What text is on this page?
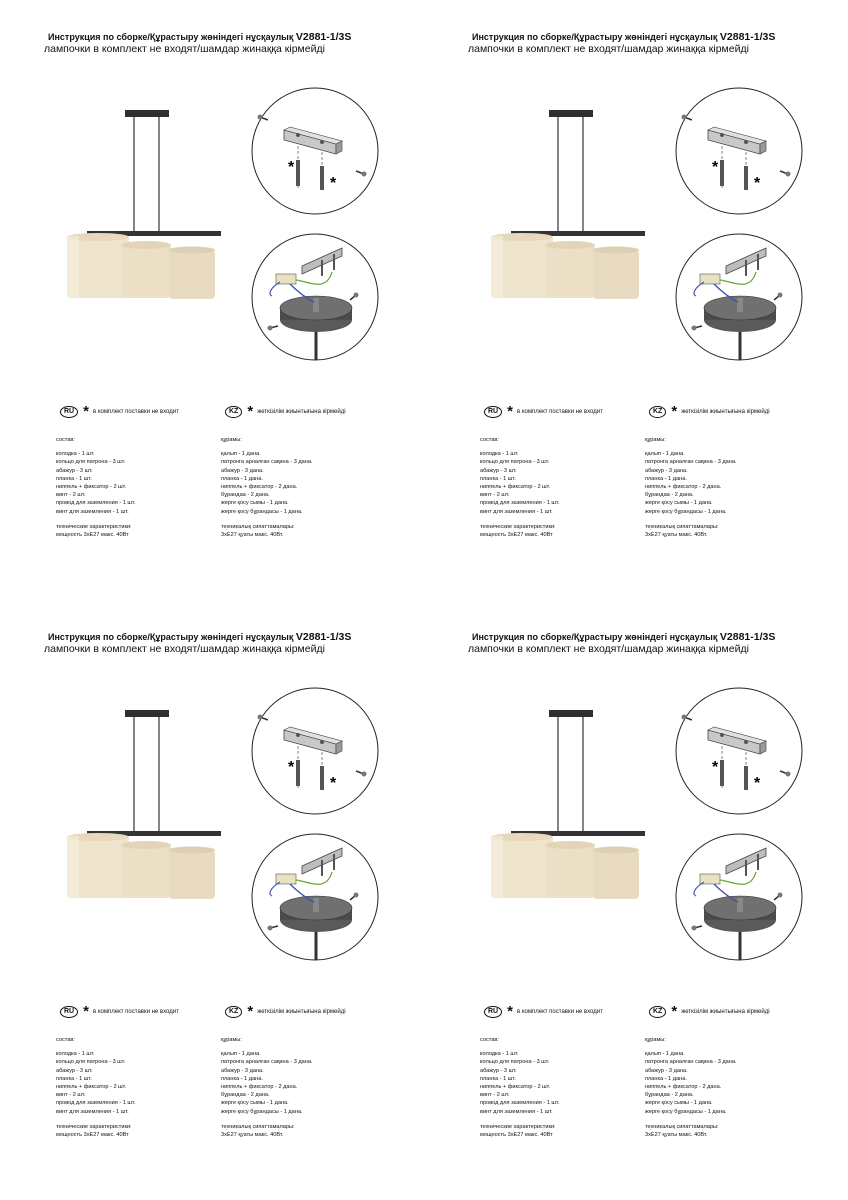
Инструкция по сборке/Құрастыру жөніндегі нұсқаулық V2881-1/3S
лампочки в комплект не входят/шамдар жинаққа кірмейді
*
*
RU * в комплект поставки не входит	KZ * жеткізілім жиынтығына кірмейді
состав:
колодка - 1 шт.
кольцо для патрона - 3 шт.
абажур - 3 шт.
планка - 1 шт.
ниппель + фиксатор - 2 шт.
винт - 2 шт.
провод для заземления - 1 шт.
винт для заземления - 1 шт.
технические характеристики:
мощность 3хЕ27 макс. 40Вт
құрамы:
қалып - 1 дана.
патронға арналған сақина - 3 дана.
абажур - 3 дана.
планка - 1 дана.
ниппель + фиксатор - 2 дана.
бұрандаа - 2 дана.
жерге қосу сымы - 1 дана.
жерге қосу бұрандасы - 1 дана.
техникалық сипаттамалары:
3хЕ27 қуаты макс. 40Вт.
Инструкция по сборке/Құрастыру жөніндегі нұсқаулық V2881-1/3S
лампочки в комплект не входят/шамдар жинаққа кірмейді
*
*
RU * в комплект поставки не входит	KZ * жеткізілім жиынтығына кірмейді
состав:
колодка - 1 шт.
кольцо для патрона - 3 шт.
абажур - 3 шт.
планка - 1 шт.
ниппель + фиксатор - 2 шт.
винт - 2 шт.
провод для заземления - 1 шт.
винт для заземления - 1 шт.
технические характеристики:
мощность 3хЕ27 макс. 40Вт
құрамы:
қалып - 1 дана.
патронға арналған сақина - 3 дана.
абажур - 3 дана.
планка - 1 дана.
ниппель + фиксатор - 2 дана.
бұрандаа - 2 дана.
жерге қосу сымы - 1 дана.
жерге қосу бұрандасы - 1 дана.
техникалық сипаттамалары:
3хЕ27 қуаты макс. 40Вт.
Инструкция по сборке/Құрастыру жөніндегі нұсқаулық V2881-1/3S
лампочки в комплект не входят/шамдар жинаққа кірмейді
*
*
RU * в комплект поставки не входит	KZ * жеткізілім жиынтығына кірмейді
состав:
колодка - 1 шт.
кольцо для патрона - 3 шт.
абажур - 3 шт.
планка - 1 шт.
ниппель + фиксатор - 2 шт.
винт - 2 шт.
провод для заземления - 1 шт.
винт для заземления - 1 шт.
технические характеристики:
мощность 3хЕ27 макс. 40Вт
құрамы:
қалып - 1 дана.
патронға арналған сақина - 3 дана.
абажур - 3 дана.
планка - 1 дана.
ниппель + фиксатор - 2 дана.
бұрандаа - 2 дана.
жерге қосу сымы - 1 дана.
жерге қосу бұрандасы - 1 дана.
техникалық сипаттамалары:
3хЕ27 қуаты макс. 40Вт.
Инструкция по сборке/Құрастыру жөніндегі нұсқаулық V2881-1/3S
лампочки в комплект не входят/шамдар жинаққа кірмейді
*
*
RU * в комплект поставки не входит	KZ * жеткізілім жиынтығына кірмейді
состав:
колодка - 1 шт.
кольцо для патрона - 3 шт.
абажур - 3 шт.
планка - 1 шт.
ниппель + фиксатор - 2 шт.
винт - 2 шт.
провод для заземления - 1 шт.
винт для заземления - 1 шт.
технические характеристики:
мощность 3хЕ27 макс. 40Вт
құрамы:
қалып - 1 дана.
патронға арналған сақина - 3 дана.
абажур - 3 дана.
планка - 1 дана.
ниппель + фиксатор - 2 дана.
бұрандаа - 2 дана.
жерге қосу сымы - 1 дана.
жерге қосу бұрандасы - 1 дана.
техникалық сипаттамалары:
3хЕ27 қуаты макс. 40Вт.
